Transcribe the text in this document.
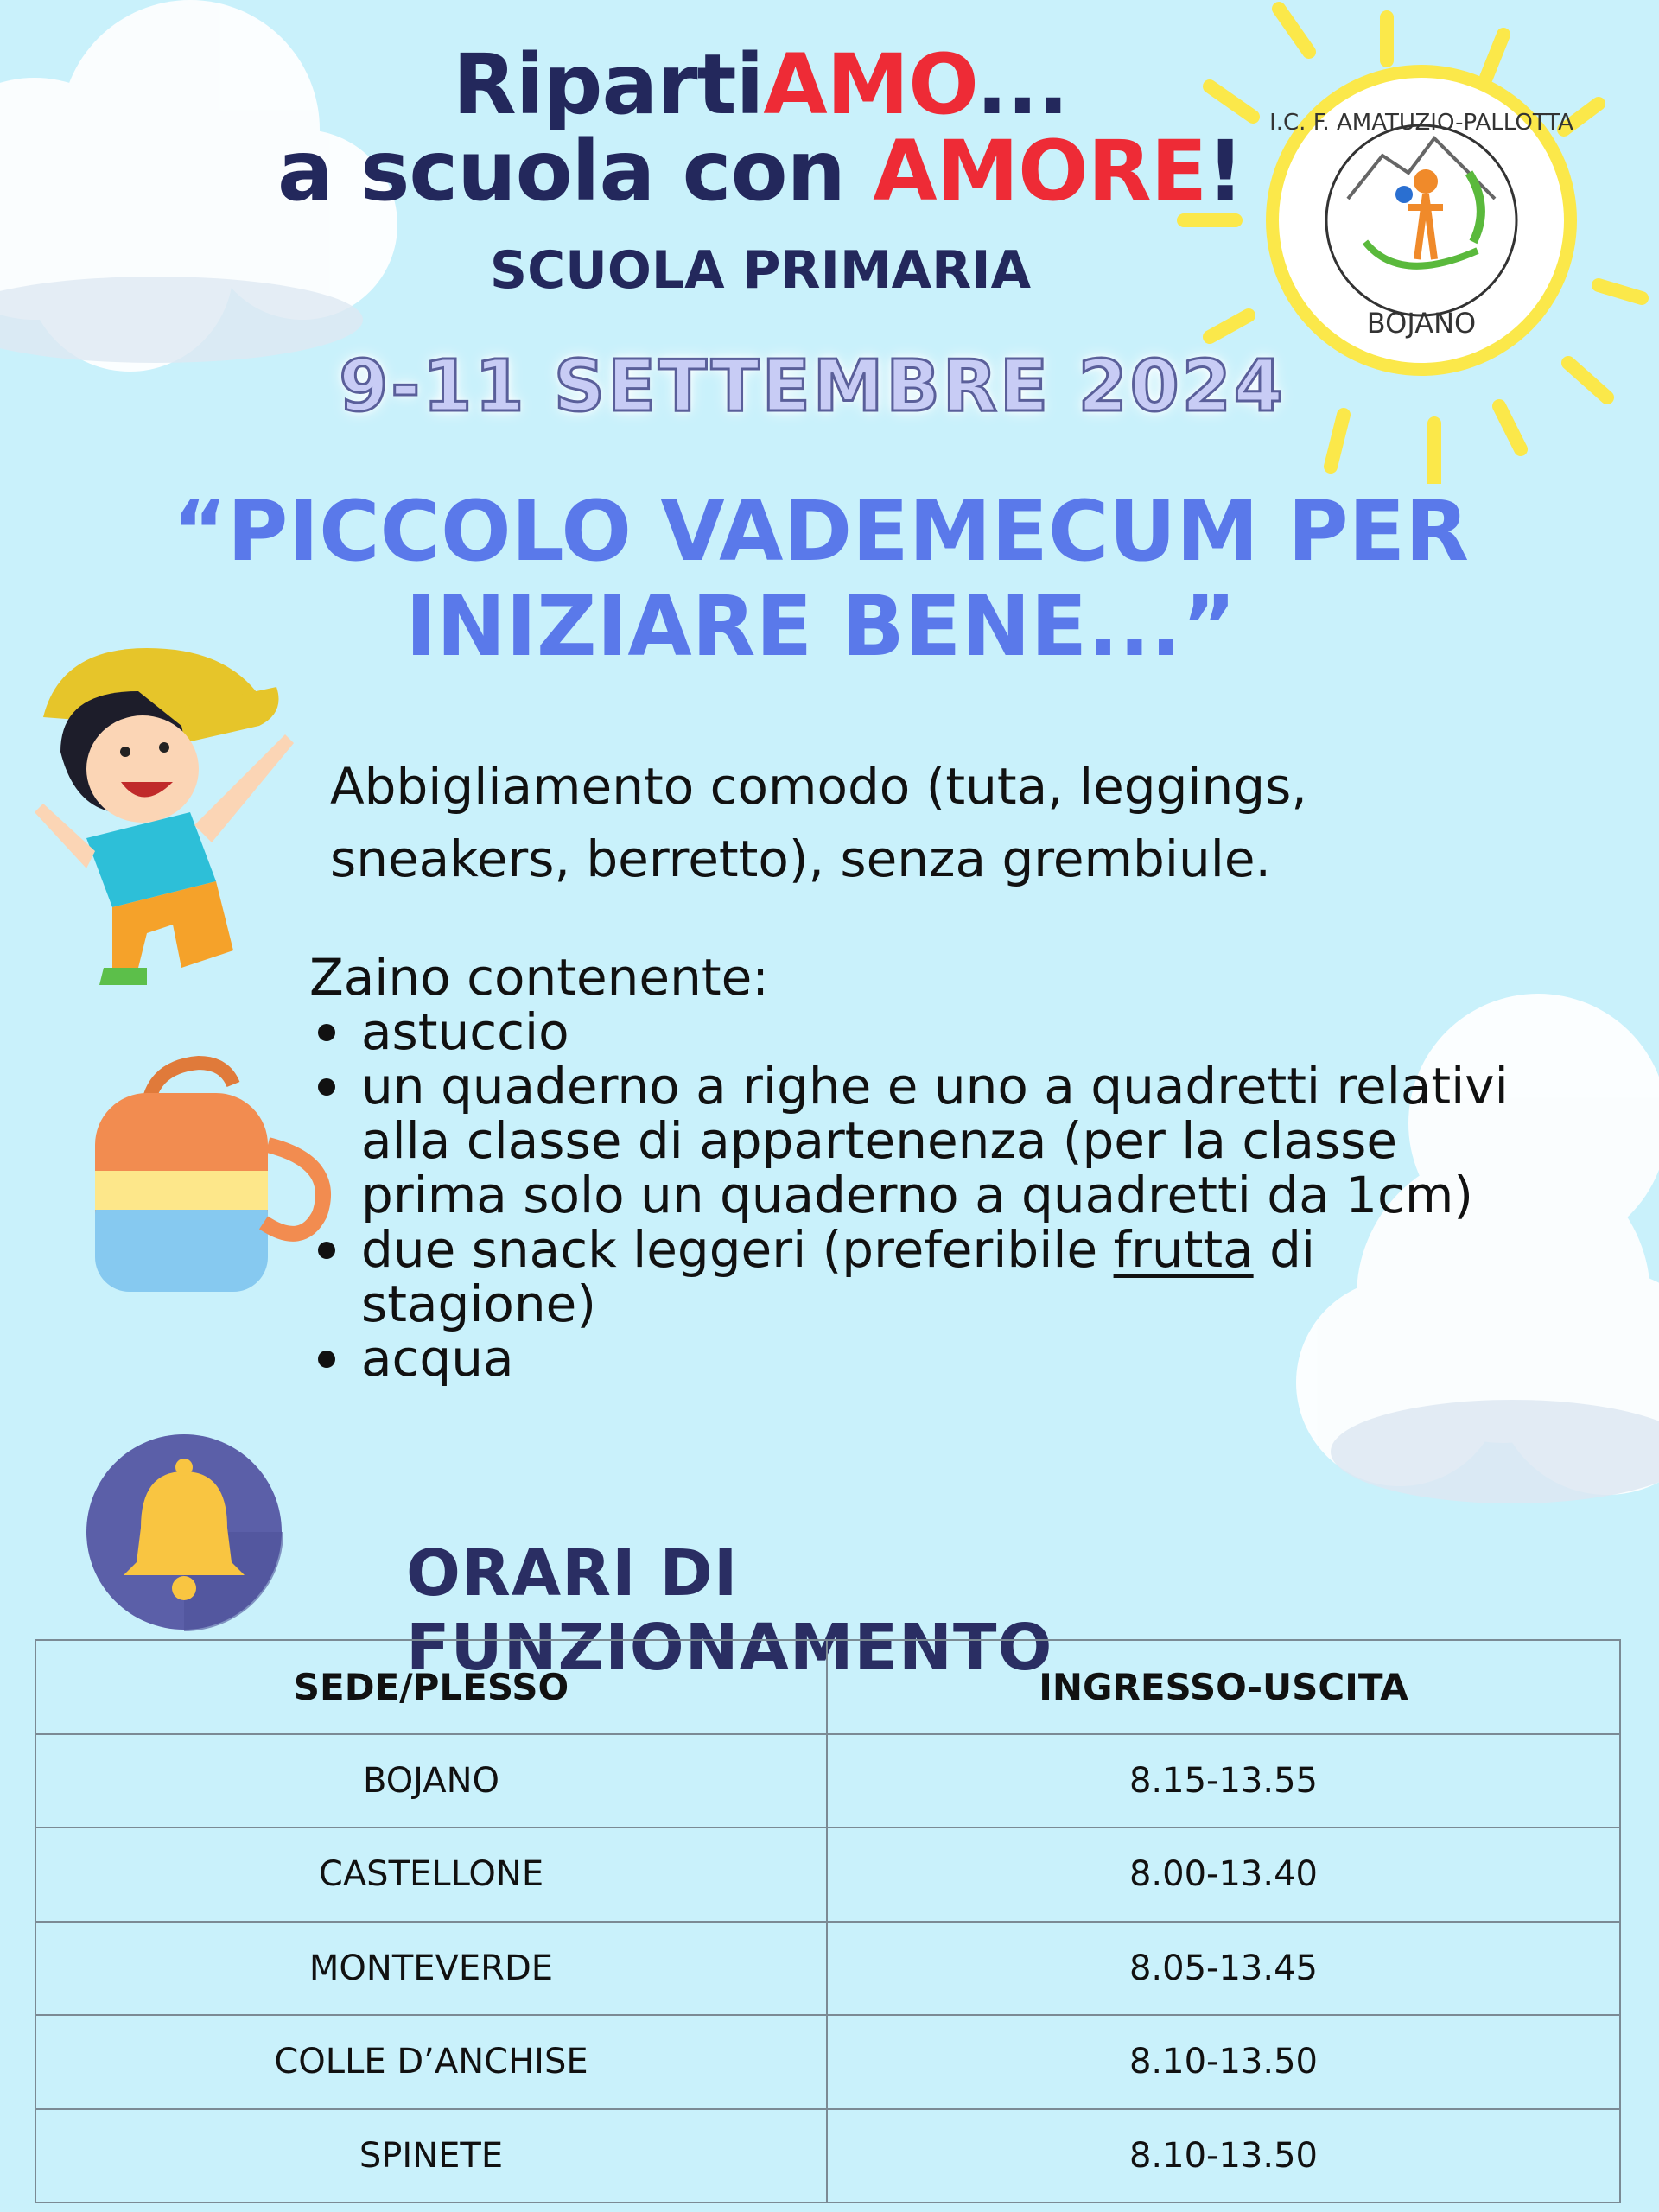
I.C. F. AMATUZIO-PALLOTTA
BOJANO
RipartiAMO...
a scuola con AMORE!
SCUOLA PRIMARIA
9-11 SETTEMBRE 2024
“PICCOLO VADEMECUM PER
INIZIARE BENE...”
Abbigliamento comodo (tuta, leggings,
sneakers, berretto), senza grembiule.
Zaino contenente:
astuccio
un quaderno a righe e uno a quadretti relativi alla classe di appartenenza (per la classe prima solo un quaderno a quadretti da 1cm)
due snack leggeri (preferibile frutta di stagione)
acqua
ORARI DI FUNZIONAMENTO
SEDE/PLESSO	INGRESSO-USCITA
BOJANO	8.15-13.55
CASTELLONE	8.00-13.40
MONTEVERDE	8.05-13.45
COLLE D’ANCHISE	8.10-13.50
SPINETE	8.10-13.50
